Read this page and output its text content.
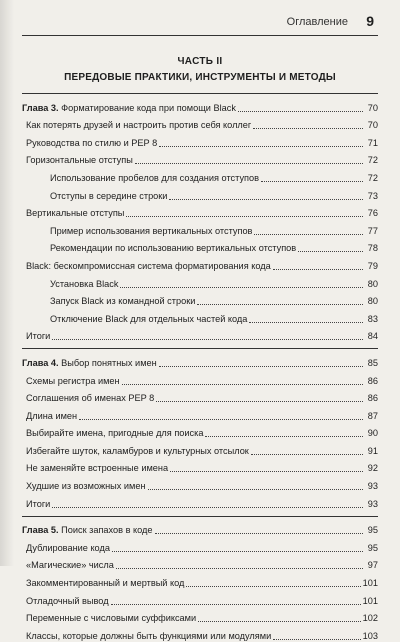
Оглавление 9
ЧАСТЬ II
ПЕРЕДОВЫЕ ПРАКТИКИ, ИНСТРУМЕНТЫ И МЕТОДЫ
Глава 3. Форматирование кода при помощи Black	70
Как потерять друзей и настроить против себя коллег	70
Руководства по стилю и PEP 8	71
Горизонтальные отступы	72
Использование пробелов для создания отступов	72
Отступы в середине строки	73
Вертикальные отступы	76
Пример использования вертикальных отступов	77
Рекомендации по использованию вертикальных отступов	78
Black: бескомпромиссная система форматирования кода	79
Установка Black	80
Запуск Black из командной строки	80
Отключение Black для отдельных частей кода	83
Итоги	84
Глава 4. Выбор понятных имен	85
Схемы регистра имен	86
Соглашения об именах PEP 8	86
Длина имен	87
Выбирайте имена, пригодные для поиска	90
Избегайте шуток, каламбуров и культурных отсылок	91
Не заменяйте встроенные имена	92
Худшие из возможных имен	93
Итоги	93
Глава 5. Поиск запахов в коде	95
Дублирование кода	95
«Магические» числа	97
Закомментированный и мертвый код	101
Отладочный вывод	101
Переменные с числовыми суффиксами	102
Классы, которые должны быть функциями или модулями	103
